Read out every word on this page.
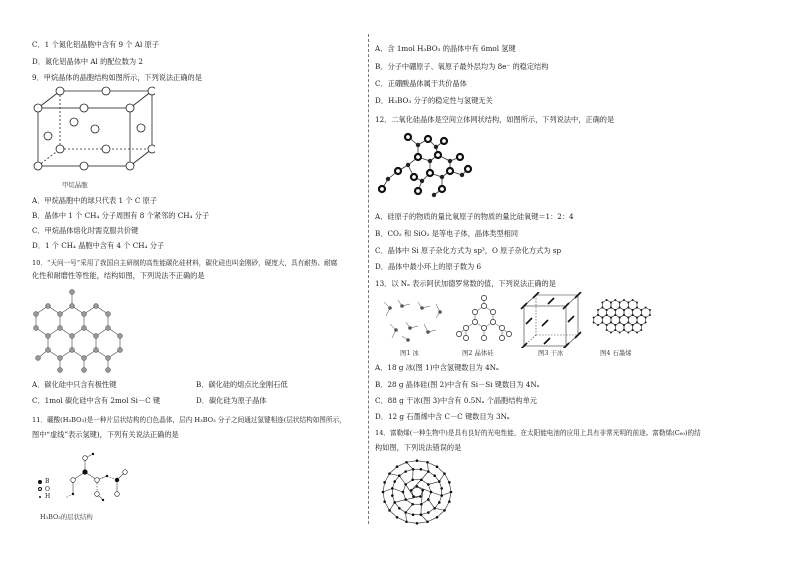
C．1 个氮化铝晶胞中含有 9 个 Al 原子
D．氮化铝晶体中 Al 的配位数为 2
9．甲烷晶体的晶胞结构如图所示，下列说法正确的是
甲烷晶胞
A．甲烷晶胞中的球只代表 1 个 C 原子
B．晶体中 1 个 CH₄ 分子周围有 8 个紧邻的 CH₄ 分子
C．甲烷晶体熔化时需克服共价键
D．1 个 CH₄ 晶胞中含有 4 个 CH₄ 分子
10．“天问一号”采用了我国自主研制的高性能碳化硅材料，碳化硅也叫金刚砂，硬度大，具有耐热、耐腐
化性和耐磨性等性能，结构如图，下列说法不正确的是
A．碳化硅中只含有极性键	B．碳化硅的熔点比金刚石低
C．1mol 碳化硅中含有 2mol Si－C 键	D．碳化硅为原子晶体
11．硼酸(H₃BO₃)是一种片层状结构的白色晶体，层内 H₃BO₃ 分子之间通过氢键相连(层状结构如图所示，
图中“虚线”表示氢键)，下列有关说法正确的是
B
O
H
H₃BO₃的层状结构
A．含 1mol H₃BO₃ 的晶体中有 6mol 氢键
B．分子中硼原子、氧原子最外层均为 8e⁻ 的稳定结构
C．正硼酸晶体属于共价晶体
D．H₃BO₃ 分子的稳定性与氢键无关
12．二氧化硅晶体是空间立体网状结构，如图所示，下列说法中，正确的是
A．硅原子的物质的量比氧原子的物质的量比硅氧键＝1：2：4
B．CO₂ 和 SiO₂ 是等电子体，晶体类型相同
C．晶体中 Si 原子杂化方式为 sp³，O 原子杂化方式为 sp
D．晶体中最小环上的原子数为 6
13．以 Nₐ 表示阿伏加德罗常数的值，下列说法正确的是
图1 冰	图2 晶体硅	图3 干冰	图4 石墨烯
A．18 g 冰(图 1)中含氢键数目为 4Nₐ
B．28 g 晶体硅(图 2)中含有 Si－Si 键数目为 4Nₐ
C．88 g 干冰(图 3)中含有 0.5Nₐ 个晶胞结构单元
D．12 g 石墨烯中含 C－C 键数目为 3Nₐ
14．富勒烯(一种生物中)是具有良好的光电性能，在太阳能电池的应用上具有非常光明的前途。富勒烯(C₆₀)的结
构如图，下列说法错误的是
